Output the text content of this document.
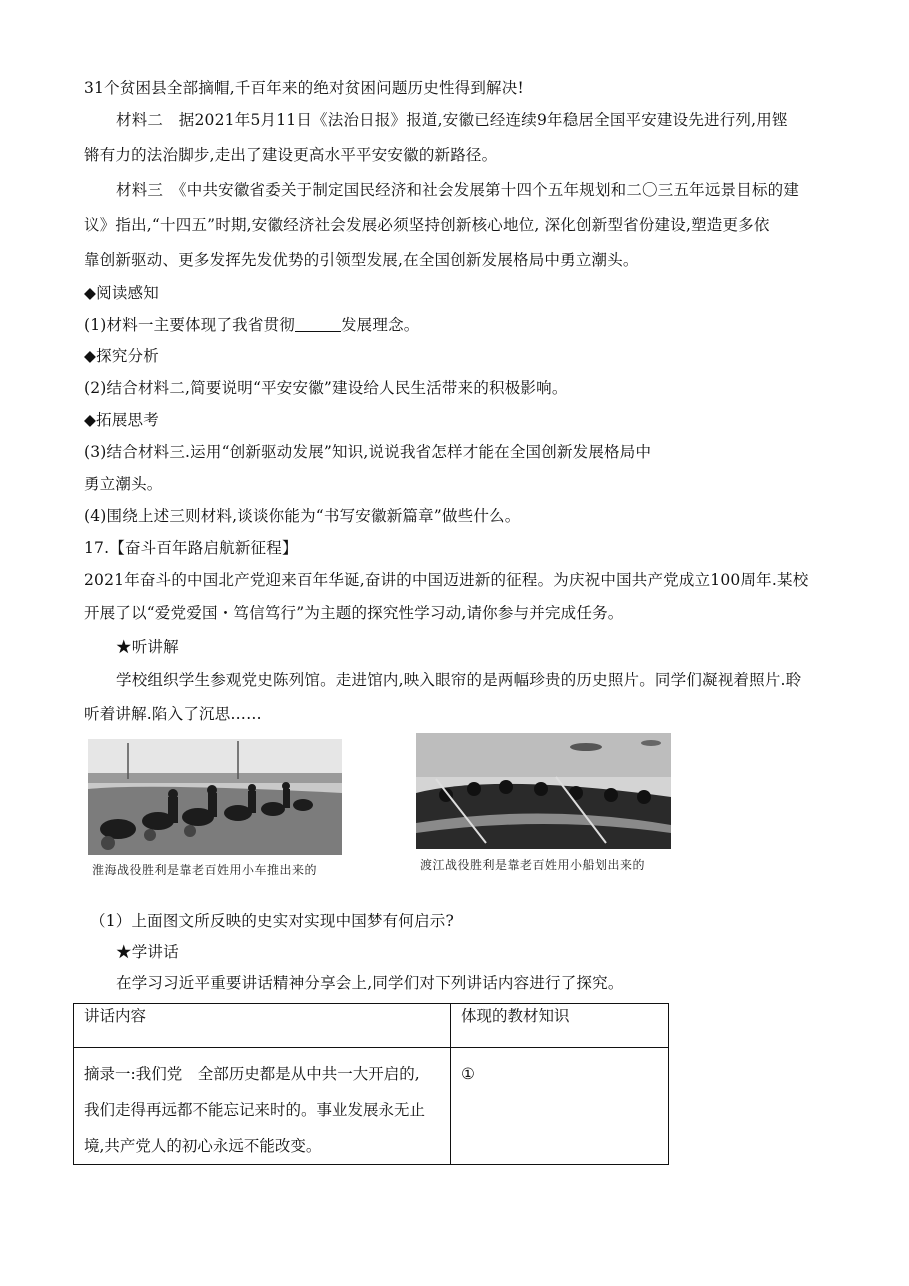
31个贫困县全部摘帽,千百年来的绝对贫困问题历史性得到解决!
材料二　据2021年5月11日《法治日报》报道,安徽已经连续9年稳居全国平安建设先进行列,用铿
锵有力的法治脚步,走出了建设更高水平平安安徽的新路径。
材料三　《中共安徽省委关于制定国民经济和社会发展第十四个五年规划和二〇三五年远景目标的建
议》指出,“十四五”时期,安徽经济社会发展必须坚持创新核心地位, 深化创新型省份建设,塑造更多依
靠创新驱动、更多发挥先发优势的引领型发展,在全国创新发展格局中勇立潮头。
◆阅读感知
(1)材料一主要体现了我省贯彻	发展理念。
◆探究分析
(2)结合材料二,简要说明“平安安徽”建设给人民生活带来的积极影响。
◆拓展思考
(3)结合材料三.运用“创新驱动发展”知识,说说我省怎样才能在全国创新发展格局中
勇立潮头。
(4)围绕上述三则材料,谈谈你能为“书写安徽新篇章”做些什么。
17.【奋斗百年路启航新征程】
2021年奋斗的中国北产党迎来百年华诞,奋讲的中国迈进新的征程。为庆祝中国共产党成立100周年.某校
开展了以“爱党爱国・笃信笃行”为主题的探究性学习动,请你参与并完成任务。
★听讲解
学校组织学生参观党史陈列馆。走进馆内,映入眼帘的是两幅珍贵的历史照片。同学们凝视着照片.聆
听着讲解.陷入了沉思……
淮海战役胜利是靠老百姓用小车推出来的	渡江战役胜利是靠老百姓用小船划出来的
（1）上面图文所反映的史实对实现中国梦有何启示?
★学讲话
在学习习近平重要讲话精神分享会上,同学们对下列讲话内容进行了探究。
讲话内容	体现的教材知识

摘录一:我们党　全部历史都是从中共一大开启的,
我们走得再远都不能忘记来时的。事业发展永无止
境,共产党人的初心永远不能改变。	①
